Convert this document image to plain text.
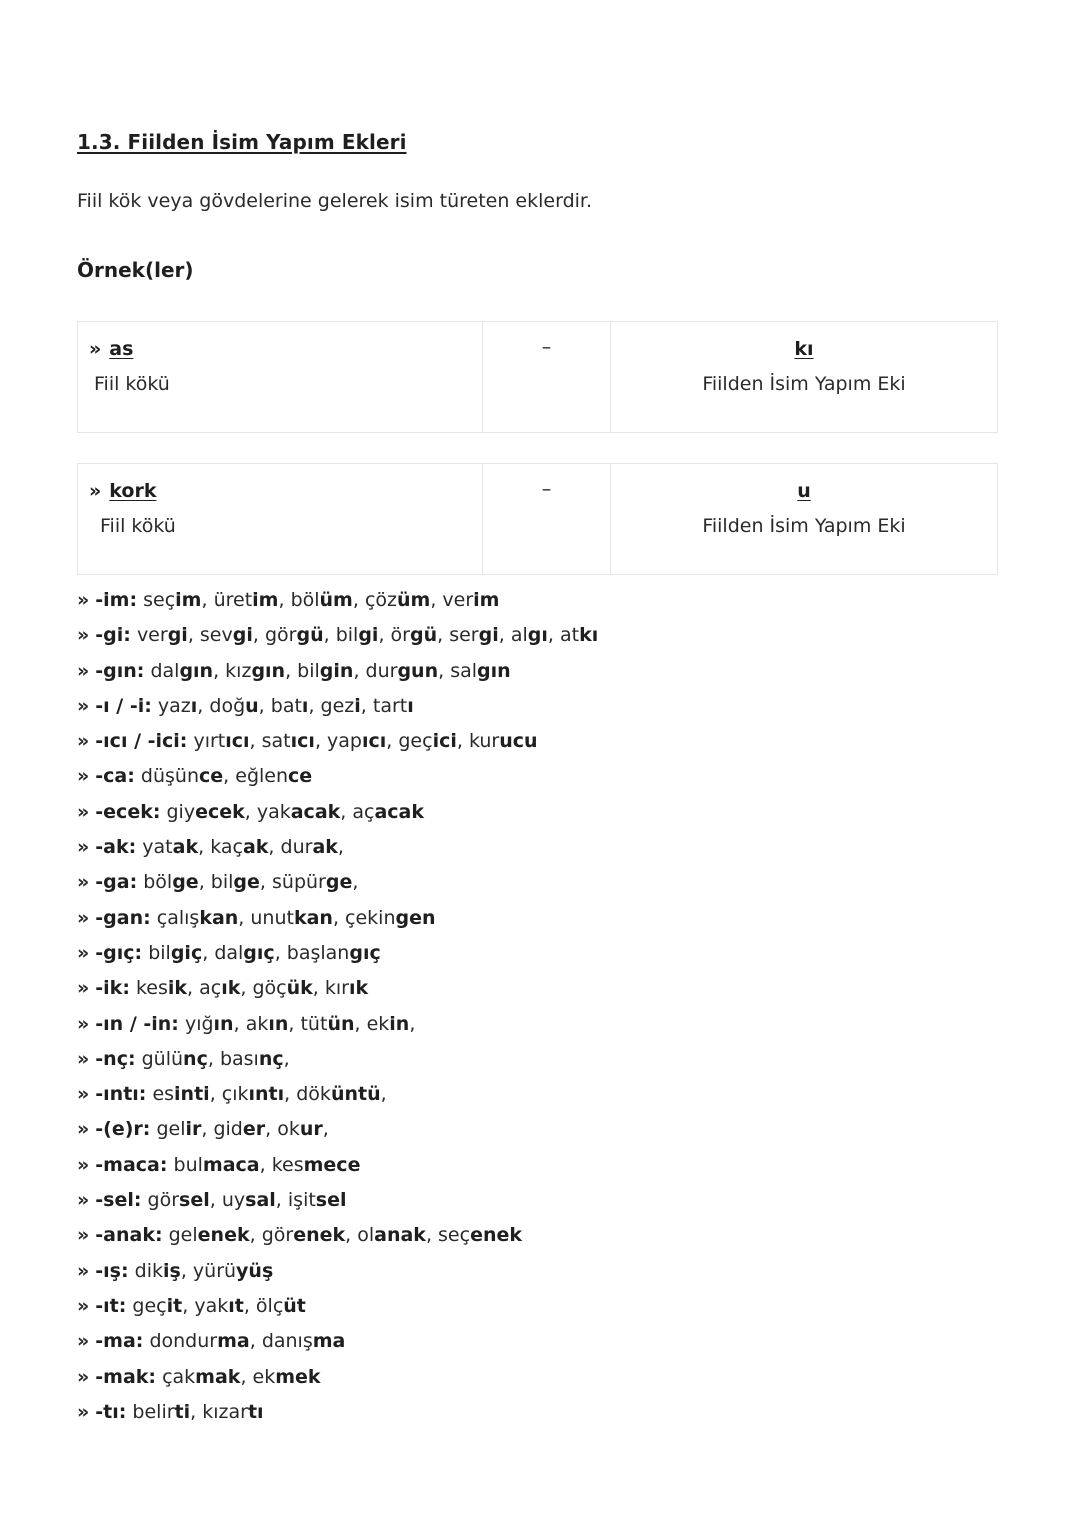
1.3. Fiilden İsim Yapım Ekleri
Fiil kök veya gövdelerine gelerek isim türeten eklerdir.
Örnek(ler)
» as
Fiil kökü
–	kı
Fiilden İsim Yapım Eki
» kork
Fiil kökü
–	u
Fiilden İsim Yapım Eki
» -im: seçim, üretim, bölüm, çözüm, verim
» -gi: vergi, sevgi, görgü, bilgi, örgü, sergi, algı, atkı
» -gın: dalgın, kızgın, bilgin, durgun, salgın
» -ı / -i: yazı, doğu, batı, gezi, tartı
» -ıcı / -ici: yırtıcı, satıcı, yapıcı, geçici, kurucu
» -ca: düşünce, eğlence
» -ecek: giyecek, yakacak, açacak
» -ak: yatak, kaçak, durak,
» -ga: bölge, bilge, süpürge,
» -gan: çalışkan, unutkan, çekingen
» -gıç: bilgiç, dalgıç, başlangıç
» -ik: kesik, açık, göçük, kırık
» -ın / -in: yığın, akın, tütün, ekin,
» -nç: gülünç, basınç,
» -ıntı: esinti, çıkıntı, döküntü,
» -(e)r: gelir, gider, okur,
» -maca: bulmaca, kesmece
» -sel: görsel, uysal, işitsel
» -anak: gelenek, görenek, olanak, seçenek
» -ış: dikiş, yürüyüş
» -ıt: geçit, yakıt, ölçüt
» -ma: dondurma, danışma
» -mak: çakmak, ekmek
» -tı: belirti, kızartı
